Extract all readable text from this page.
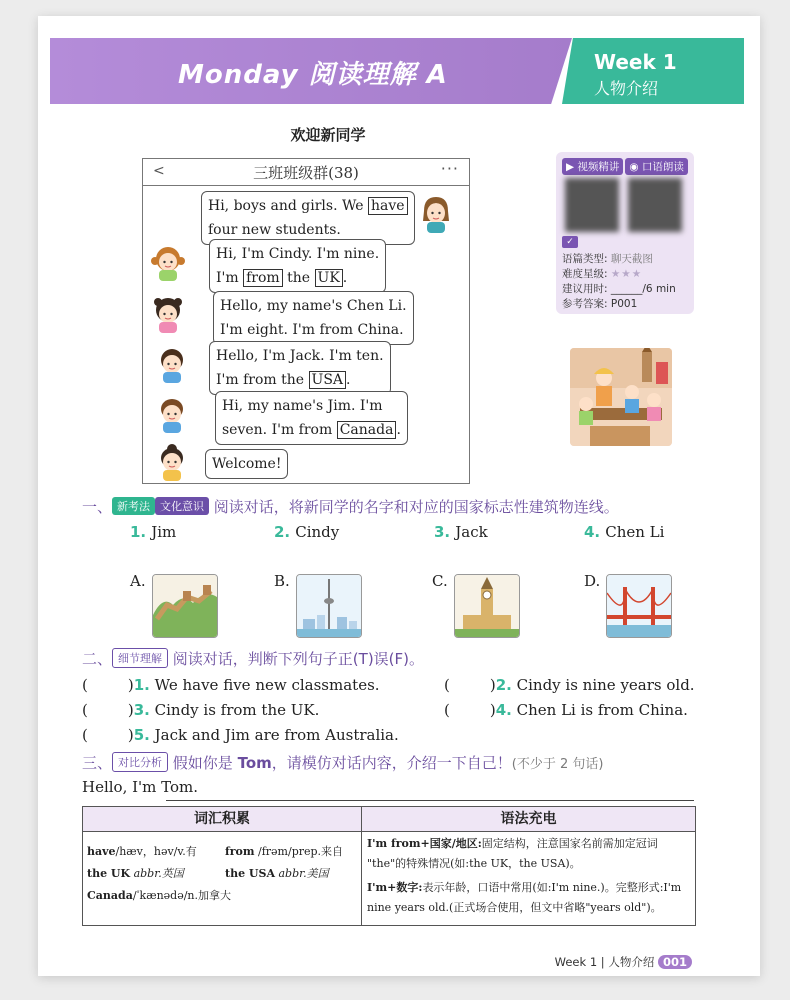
Monday 阅读理解 A	Week 1
人物介绍
欢迎新同学
<	三班班级群(38)	···
Hi, boys and girls. We have
four new students.
Hi, I'm Cindy. I'm nine.
I'm from the UK .
Hello, my name's Chen Li.
I'm eight. I'm from China.
Hello, I'm Jack. I'm ten.
I'm from the USA .
Hi, my name's Jim. I'm
seven. I'm from Canada .
Welcome!
▶ 视频精讲 ◉ 口语朗读
✓
语篇类型: 聊天截图
难度星级: ★★★
建议用时: ______/6 min
参考答案: P001
一、 新考法 文化意识 阅读对话，将新同学的名字和对应的国家标志性建筑物连线。
1. Jim	2. Cindy	3. Jack	4. Chen Li
A.	B.	C.	D.
二、 细节理解 阅读对话，判断下列句子正(T)误(F)。
(	)1. We have five new classmates.	(	)2. Cindy is nine years old.
(	)3. Cindy is from the UK.	(	)4. Chen Li is from China.
(	)5. Jack and Jim are from Australia.
三、 对比分析 假如你是 Tom，请模仿对话内容，介绍一下自己！(不少于 2 句话)
Hello, I'm Tom.
词汇积累	语法充电
have/hæv，həv/v.有	from /frəm/prep.来自
the UK abbr.英国	the USA abbr.美国
Canada/ˈkænədə/n.加拿大
I'm from+国家/地区:固定结构，注意国家名前需加定冠词
"the"的特殊情况(如:the UK，the USA)。
I'm+数字:表示年龄，口语中常用(如:I'm nine.)。完整形式:I'm
nine years old.(正式场合使用，但文中省略"years old")。
Week 1 | 人物介绍 001
